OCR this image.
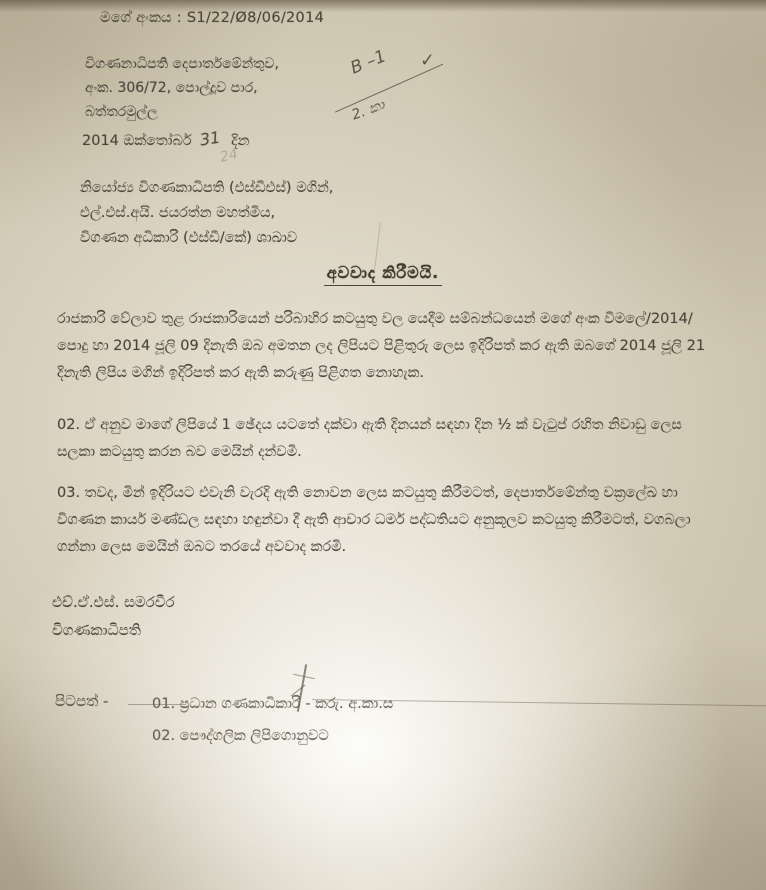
මගේ අංකය : S1/22/Ø8/06/2014
B –1
2. කා
✓
විගණනාධිපති දෙපාර්තමේන්තුව,
අංක. 306/72, පොල්දූව පාර,
බත්තරමුල්ල
2014 ඔක්තෝබර් 31 දින
24
නියෝජ්‍ය විගණකාධිපති (එස්ඩීඑස්) මගින්,
එල්.එස්.අයි. ජයරත්න මහත්මිය,
විගණන අධිකාරි (එස්ඩී/කේ) ශාඛාව
අවවාද කිරීමයි.
රාජකාරි වේලාව තුළ රාජකාරියෙන් පරිබාහිර කටයුතු වල යෙදීම සම්බන්ධයෙන් මගේ අංක විමලේ/2014/පොදු හා 2014 ජූලි 09 දිනැති ඔබ අමතන ලද ලිපියට පිළිතුරු ලෙස ඉදිරිපත් කර ඇති ඔබගේ 2014 ජූලි 21 දිනැති ලිපිය මගින් ඉදිරිපත් කර ඇති කරුණු පිළිගත නොහැක.
02. ඒ අනුව මාගේ ලිපියේ 1 ඡේදය යටතේ දක්වා ඇති දිනයන් සඳහා දින ½ ක් වැටුප් රහිත නිවාඩු ලෙස සලකා කටයුතු කරන බව මෙයින් දන්වමි.
03. තවද, මින් ඉදිරියට එවැනි වැරදි ඇති නොවන ලෙස කටයුතු කිරීමටත්, දෙපාර්තමේන්තු චක්‍රලේඛ හා විගණන කාර්ය මණ්ඩල සඳහා හඳුන්වා දී ඇති ආචාර ධර්ම පද්ධතියට අනුකූලව කටයුතු කිරීමටත්, වගබලා ගන්නා ලෙස මෙයින් ඔබට තරයේ අවවාද කරමි.
එච්.ඒ.එස්. සමරවීර
විගණකාධිපති
පිටපත් -	01. ප්‍රධාන ගණකාධිකාරි - කරු. අ.කා.ස
02. පෞද්ගලික ලිපිගොනුවට
